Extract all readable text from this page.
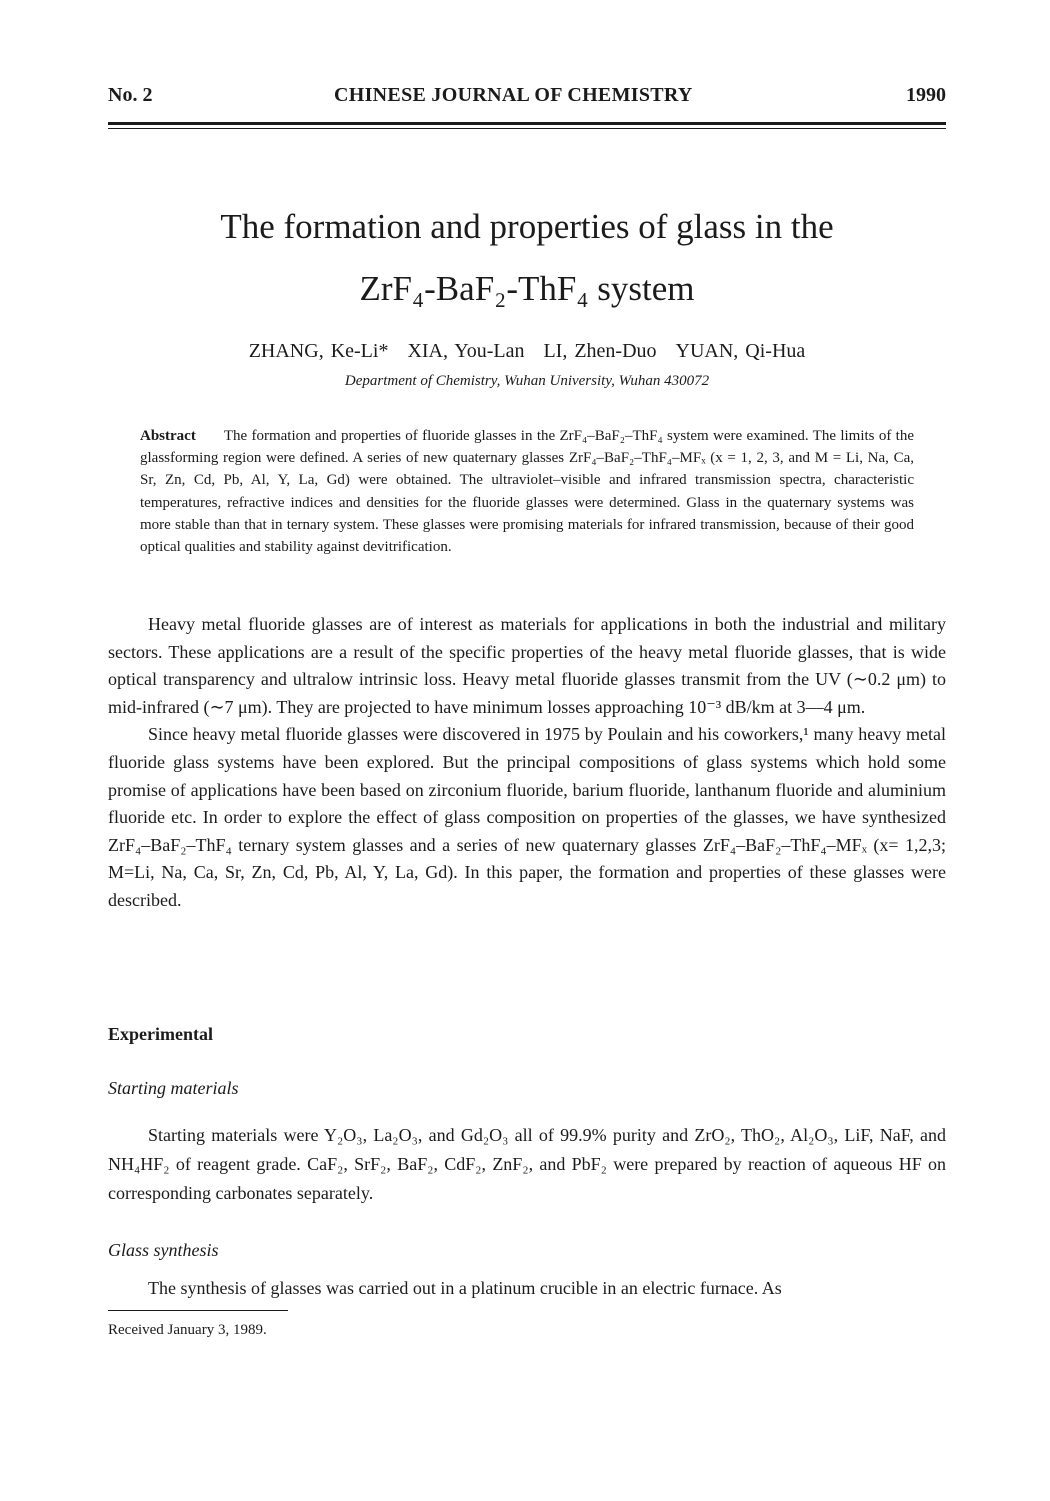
No. 2	CHINESE JOURNAL OF CHEMISTRY	1990
The formation and properties of glass in the
ZrF₄-BaF₂-ThF₄ system
ZHANG, Ke-Li* XIA, You-Lan LI, Zhen-Duo YUAN, Qi-Hua
Department of Chemistry, Wuhan University, Wuhan 430072
Abstract The formation and properties of fluoride glasses in the ZrF₄–BaF₂–ThF₄ system were examined. The limits of the glassforming region were defined. A series of new quaternary glasses ZrF₄–BaF₂–ThF₄–MFₓ (x = 1, 2, 3, and M = Li, Na, Ca, Sr, Zn, Cd, Pb, Al, Y, La, Gd) were obtained. The ultraviolet–visible and infrared transmission spectra, characteristic temperatures, refractive indices and densities for the fluoride glasses were determined. Glass in the quaternary systems was more stable than that in ternary system. These glasses were promising materials for infrared transmission, because of their good optical qualities and stability against devitrification.

Heavy metal fluoride glasses are of interest as materials for applications in both the industrial and military sectors. These applications are a result of the specific properties of the heavy metal fluoride glasses, that is wide optical transparency and ultralow intrinsic loss. Heavy metal fluoride glasses transmit from the UV (∼0.2 μm) to mid-infrared (∼7 μm). They are projected to have minimum losses approaching 10⁻³ dB/km at 3—4 μm.

Since heavy metal fluoride glasses were discovered in 1975 by Poulain and his coworkers,¹ many heavy metal fluoride glass systems have been explored. But the principal compositions of glass systems which hold some promise of applications have been based on zirconium fluoride, barium fluoride, lanthanum fluoride and aluminium fluoride etc. In order to explore the effect of glass composition on properties of the glasses, we have synthesized ZrF₄–BaF₂–ThF₄ ternary system glasses and a series of new quaternary glasses ZrF₄–BaF₂–ThF₄–MFₓ (x= 1,2,3; M=Li, Na, Ca, Sr, Zn, Cd, Pb, Al, Y, La, Gd). In this paper, the formation and properties of these glasses were described.

Experimental
Starting materials

Starting materials were Y₂O₃, La₂O₃, and Gd₂O₃ all of 99.9% purity and ZrO₂, ThO₂, Al₂O₃, LiF, NaF, and NH₄HF₂ of reagent grade. CaF₂, SrF₂, BaF₂, CdF₂, ZnF₂, and PbF₂ were prepared by reaction of aqueous HF on corresponding carbonates separately.

Glass synthesis

The synthesis of glasses was carried out in a platinum crucible in an electric furnace. As

Received January 3, 1989.
